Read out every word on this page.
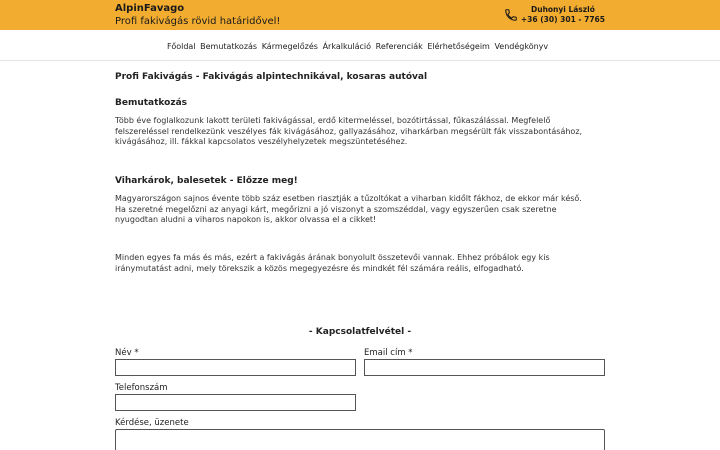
AlpinFavago
Profi fakivágás rövid határidővel!
Duhonyi László
+36 (30) 301 - 7765
Főoldal Bemutatkozás Kármegelőzés Árkalkuláció Referenciák Elérhetőségeim Vendégkönyv
Profi Fakivágás - Fakivágás alpintechnikával, kosaras autóval
Bemutatkozás
Több éve foglalkozunk lakott területi fakivágással, erdő kitermeléssel, bozótirtással, fűkaszálással. Megfelelő felszereléssel rendelkezünk veszélyes fák kivágásához, gallyazásához, viharkárban megsérült fák visszabontásához, kivágásához, ill. fákkal kapcsolatos veszélyhelyzetek megszüntetéséhez.
Viharkárok, balesetek - Előzze meg!
Magyarországon sajnos évente több száz esetben riasztják a tűzoltókat a viharban kidőlt fákhoz, de ekkor már késő. Ha szeretné megelőzni az anyagi kárt, megőrizni a jó viszonyt a szomszéddal, vagy egyszerűen csak szeretne nyugodtan aludni a viharos napokon is, akkor olvassa el a cikket!
Minden egyes fa más és más, ezért a fakivágás árának bonyolult összetevői vannak. Ehhez próbálok egy kis iránymutatást adni, mely törekszik a közös megegyezésre és mindkét fél számára reális, elfogadható.
- Kapcsolatfelvétel -
Név *	Email cím *
Telefonszám
Kérdése, üzenete
